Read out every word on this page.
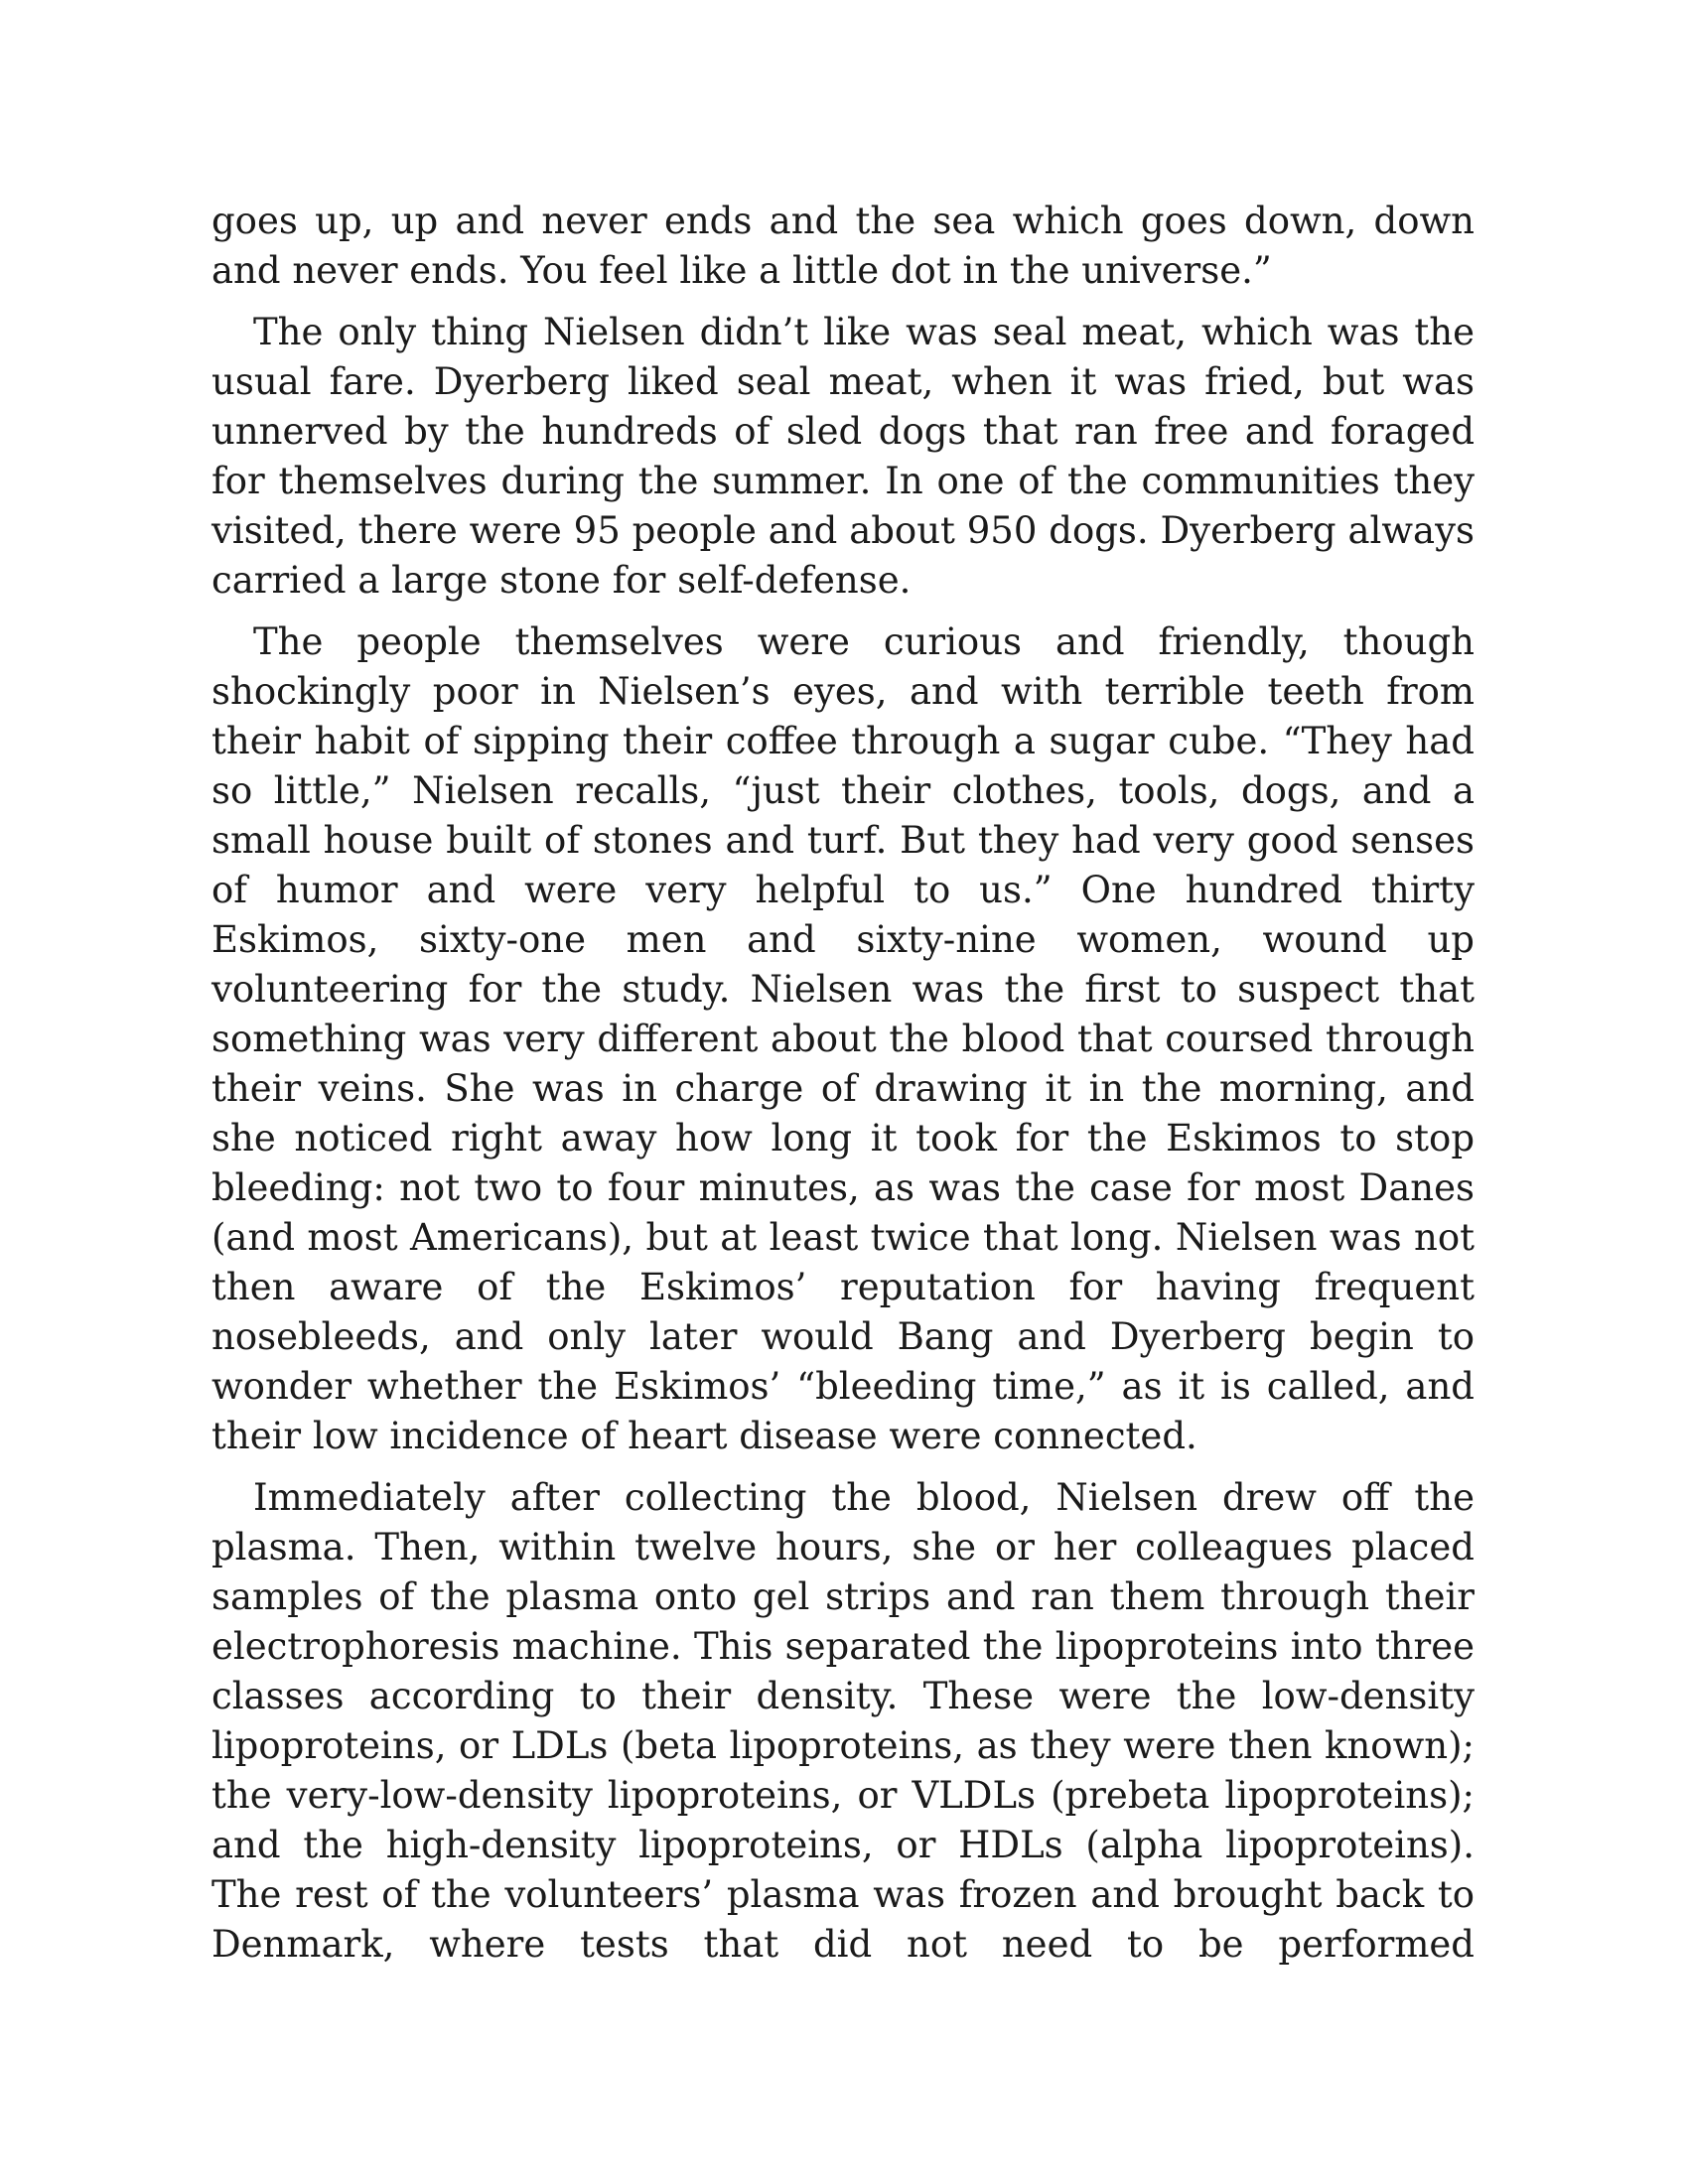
goes up, up and never ends and the sea which goes down, down and never ends. You feel like a little dot in the universe.”

The only thing Nielsen didn’t like was seal meat, which was the usual fare. Dyerberg liked seal meat, when it was fried, but was unnerved by the hundreds of sled dogs that ran free and foraged for themselves during the summer. In one of the communities they visited, there were 95 people and about 950 dogs. Dyerberg always carried a large stone for self-defense.

The people themselves were curious and friendly, though shockingly poor in Nielsen’s eyes, and with terrible teeth from their habit of sipping their coffee through a sugar cube. “They had so little,” Nielsen recalls, “just their clothes, tools, dogs, and a small house built of stones and turf. But they had very good senses of humor and were very helpful to us.” One hundred thirty Eskimos, sixty-one men and sixty-nine women, wound up volunteering for the study. Nielsen was the first to suspect that something was very different about the blood that coursed through their veins. She was in charge of drawing it in the morning, and she noticed right away how long it took for the Eskimos to stop bleeding: not two to four minutes, as was the case for most Danes (and most Americans), but at least twice that long. Nielsen was not then aware of the Eskimos’ reputation for having frequent nosebleeds, and only later would Bang and Dyerberg begin to wonder whether the Eskimos’ “bleeding time,” as it is called, and their low incidence of heart disease were connected.

Immediately after collecting the blood, Nielsen drew off the plasma. Then, within twelve hours, she or her colleagues placed samples of the plasma onto gel strips and ran them through their electrophoresis machine. This separated the lipoproteins into three classes according to their density. These were the low-density lipoproteins, or LDLs (beta lipoproteins, as they were then known); the very-low-density lipoproteins, or VLDLs (prebeta lipoproteins); and the high-density lipoproteins, or HDLs (alpha lipoproteins). The rest of the volunteers’ plasma was frozen and brought back to Denmark, where tests that did not need to be performed
